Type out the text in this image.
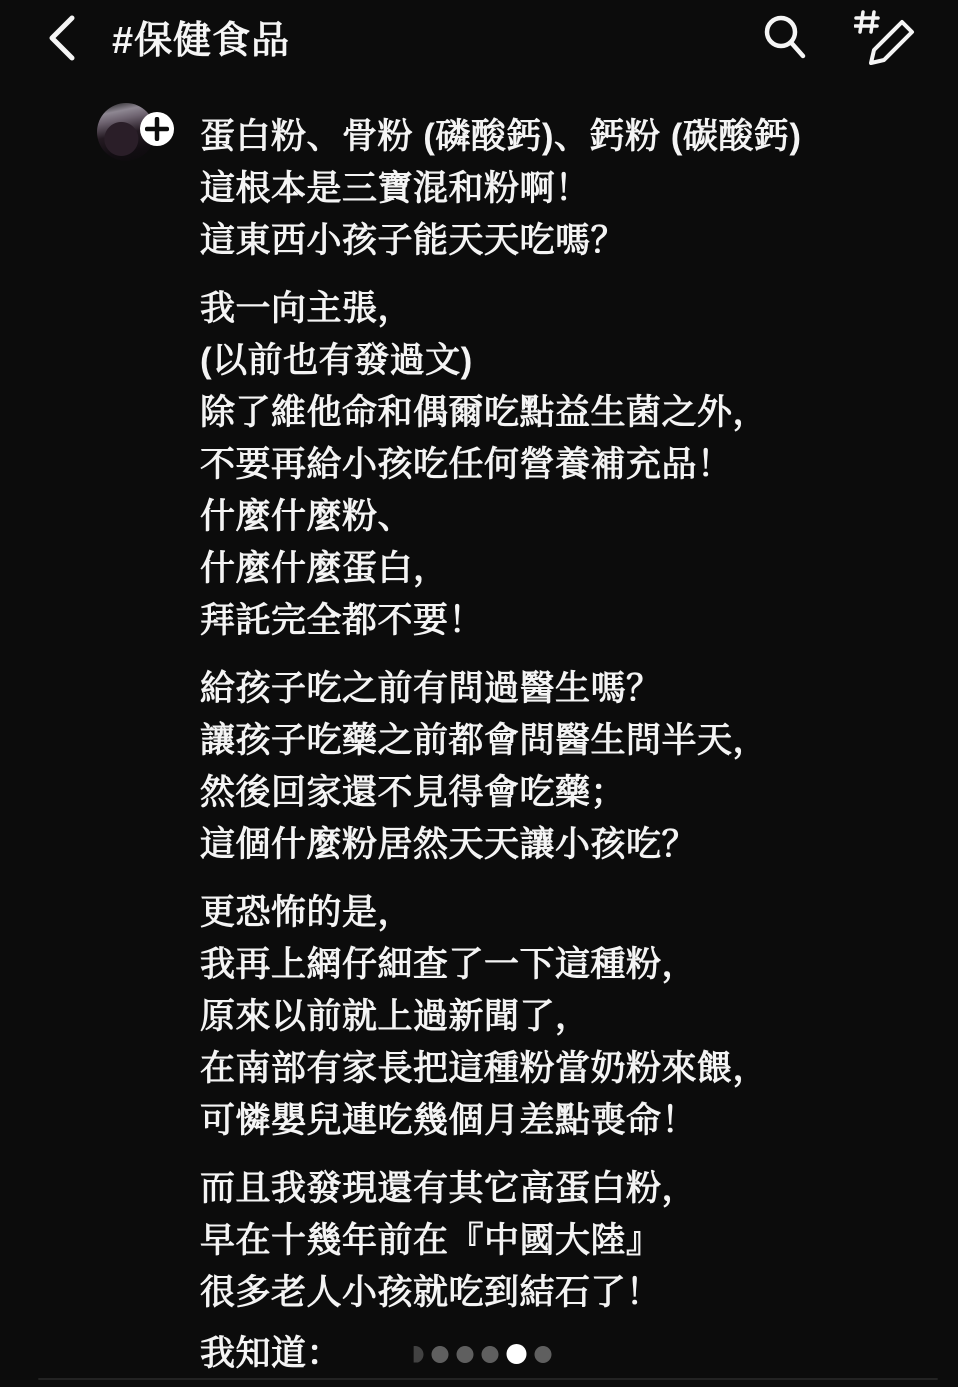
#保健食品

蛋白粉、骨粉 (磷酸鈣)、鈣粉 (碳酸鈣)
這根本是三寶混和粉啊！
這東西小孩子能天天吃嗎？

我一向主張，
(以前也有發過文)
除了維他命和偶爾吃點益生菌之外，
不要再給小孩吃任何營養補充品！
什麼什麼粉、
什麼什麼蛋白，
拜託完全都不要！

給孩子吃之前有問過醫生嗎？
讓孩子吃藥之前都會問醫生問半天，
然後回家還不見得會吃藥；
這個什麼粉居然天天讓小孩吃？

更恐怖的是，
我再上網仔細查了一下這種粉，
原來以前就上過新聞了，
在南部有家長把這種粉當奶粉來餵，
可憐嬰兒連吃幾個月差點喪命！

而且我發現還有其它高蛋白粉，
早在十幾年前在『中國大陸』
很多老人小孩就吃到結石了！

我知道：
